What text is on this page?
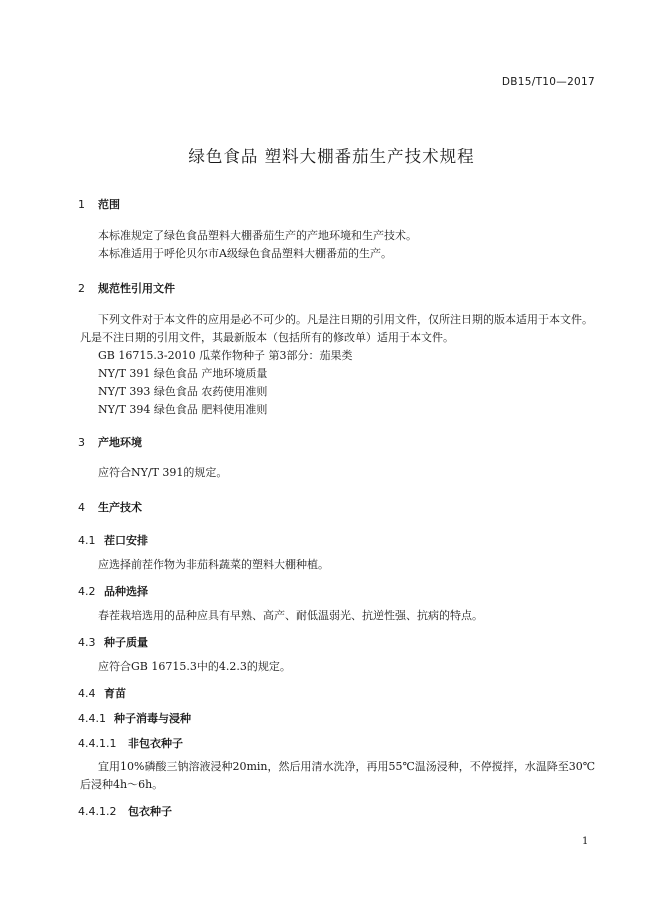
DB15/T10—2017
绿色食品 塑料大棚番茄生产技术规程
1 范围
本标准规定了绿色食品塑料大棚番茄生产的产地环境和生产技术。
本标准适用于呼伦贝尔市A级绿色食品塑料大棚番茄的生产。
2 规范性引用文件
下列文件对于本文件的应用是必不可少的。凡是注日期的引用文件，仅所注日期的版本适用于本文件。凡是不注日期的引用文件，其最新版本（包括所有的修改单）适用于本文件。
GB 16715.3-2010 瓜菜作物种子 第3部分：茄果类
NY/T 391 绿色食品 产地环境质量
NY/T 393 绿色食品 农药使用准则
NY/T 394 绿色食品 肥料使用准则
3 产地环境
应符合NY/T 391的规定。
4 生产技术
4.1 茬口安排
应选择前茬作物为非茄科蔬菜的塑料大棚种植。
4.2 品种选择
春茬栽培选用的品种应具有早熟、高产、耐低温弱光、抗逆性强、抗病的特点。
4.3 种子质量
应符合GB 16715.3中的4.2.3的规定。
4.4 育苗
4.4.1 种子消毒与浸种
4.4.1.1 非包衣种子
宜用10%磷酸三钠溶液浸种20min，然后用清水洗净，再用55℃温汤浸种，不停搅拌，水温降至30℃后浸种4h～6h。
4.4.1.2 包衣种子
1
